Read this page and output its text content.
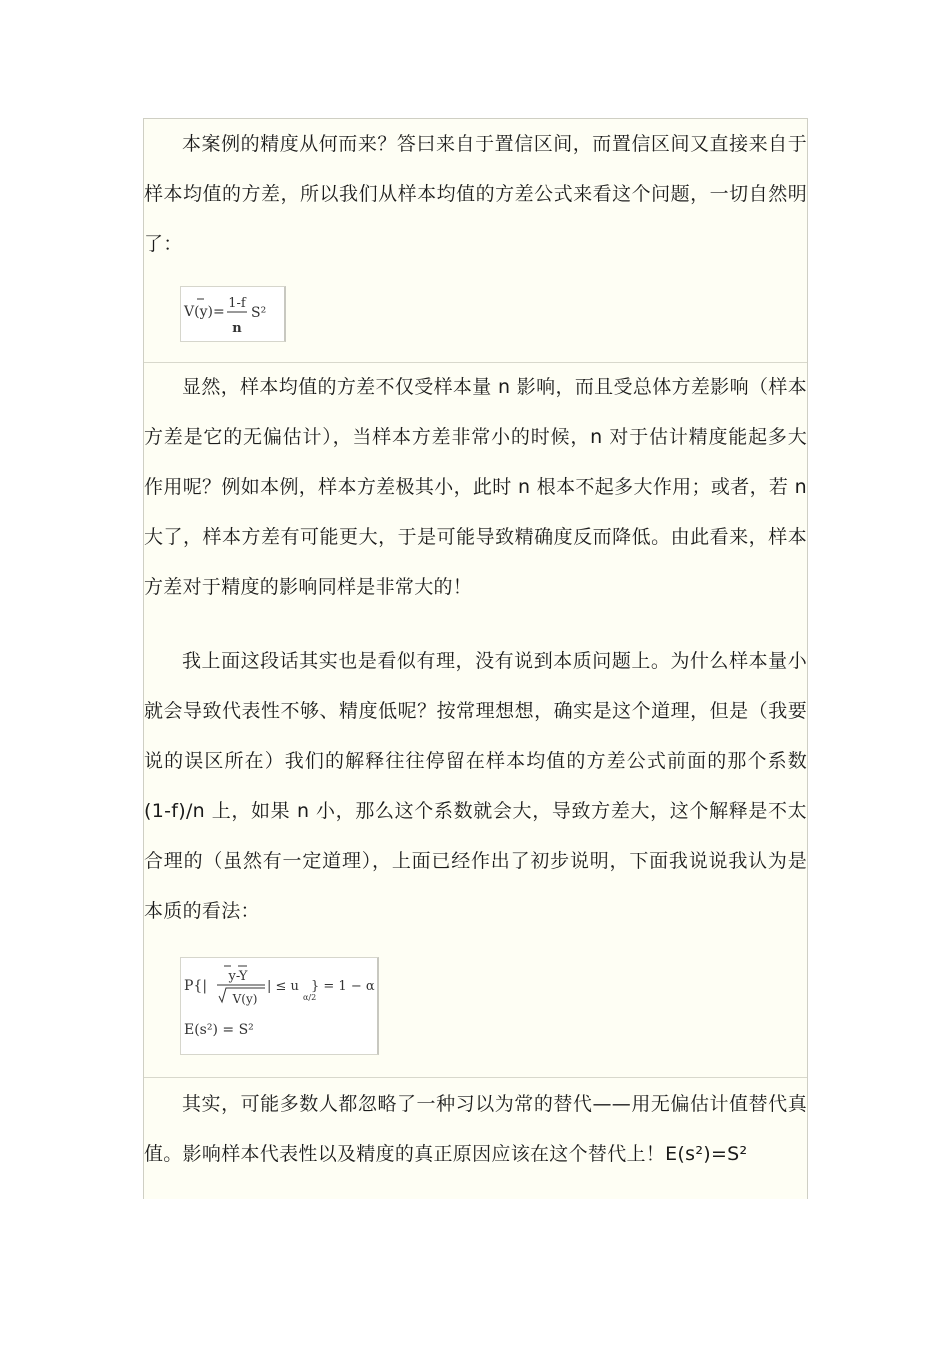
本案例的精度从何而来？答曰来自于置信区间，而置信区间又直接来自于样本均值的方差，所以我们从样本均值的方差公式来看这个问题，一切自然明了：

V(y)=
1-f
n
S²

显然，样本均值的方差不仅受样本量 n 影响，而且受总体方差影响（样本方差是它的无偏估计），当样本方差非常小的时候，n 对于估计精度能起多大作用呢？例如本例，样本方差极其小，此时 n 根本不起多大作用；或者，若 n 大了，样本方差有可能更大，于是可能导致精确度反而降低。由此看来，样本方差对于精度的影响同样是非常大的！

我上面这段话其实也是看似有理，没有说到本质问题上。为什么样本量小就会导致代表性不够、精度低呢？按常理想想，确实是这个道理，但是（我要说的误区所在）我们的解释往往停留在样本均值的方差公式前面的那个系数 (1-f)/n 上，如果 n 小，那么这个系数就会大，导致方差大，这个解释是不太合理的（虽然有一定道理），上面已经作出了初步说明，下面我说说我认为是本质的看法：

P{|
y-Y
V(y)
| ≤ u
α/2
} = 1 − α
E(s²) = S²

其实，可能多数人都忽略了一种习以为常的替代——用无偏估计值替代真值。影响样本代表性以及精度的真正原因应该在这个替代上！E(s²)=S²
